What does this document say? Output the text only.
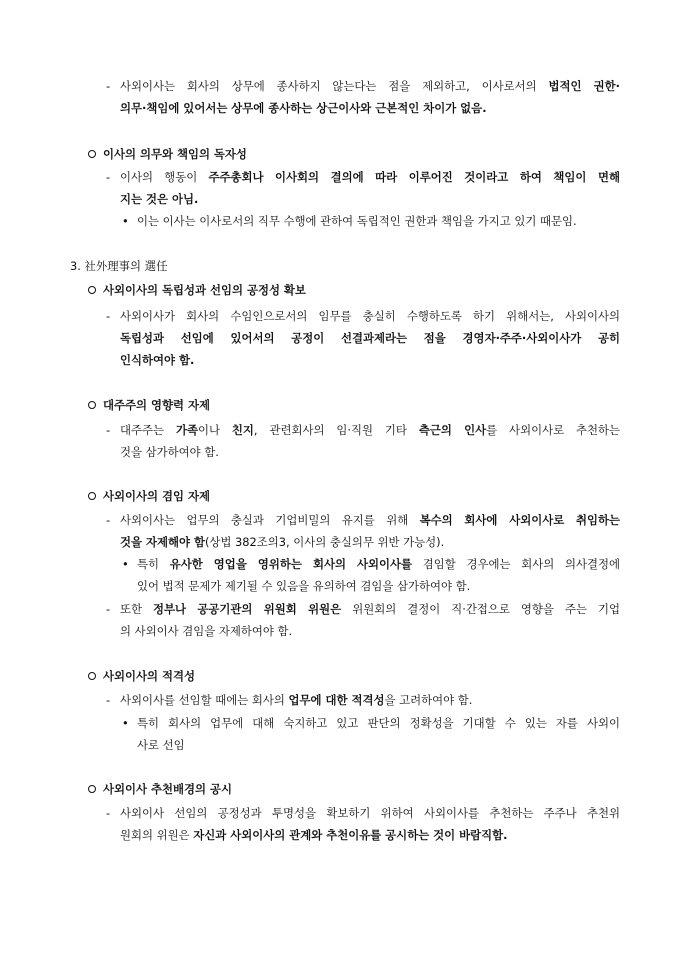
- 사외이사는 회사의 상무에 종사하지 않는다는 점을 제외하고, 이사로서의 법적인 권한·
의무·책임에 있어서는 상무에 종사하는 상근이사와 근본적인 차이가 없음.
이사의 의무와 책임의 독자성
- 이사의 행동이 주주총회나 이사회의 결의에 따라 이루어진 것이라고 하여 책임이 면해
지는 것은 아님.
• 이는 이사는 이사로서의 직무 수행에 관하여 독립적인 권한과 책임을 가지고 있기 때문임.
3. 社外理事의 選任
사외이사의 독립성과 선임의 공정성 확보
- 사외이사가 회사의 수임인으로서의 임무를 충실히 수행하도록 하기 위해서는, 사외이사의
독립성과 선임에 있어서의 공정이 선결과제라는 점을 경영자·주주·사외이사가 공히
인식하여야 함.
대주주의 영향력 자제
- 대주주는 가족이나 친지, 관련회사의 임·직원 기타 측근의 인사를 사외이사로 추천하는
것을 삼가하여야 함.
사외이사의 겸임 자제
- 사외이사는 업무의 충실과 기업비밀의 유지를 위해 복수의 회사에 사외이사로 취임하는
것을 자제해야 함(상법 382조의3, 이사의 충실의무 위반 가능성).
• 특히 유사한 영업을 영위하는 회사의 사외이사를 겸임할 경우에는 회사의 의사결정에
있어 법적 문제가 제기될 수 있음을 유의하여 겸임을 삼가하여야 함.
- 또한 정부나 공공기관의 위원회 위원은 위원회의 결정이 직·간접으로 영향을 주는 기업
의 사외이사 겸임을 자제하여야 함.
사외이사의 적격성
- 사외이사를 선임할 때에는 회사의 업무에 대한 적격성을 고려하여야 함.
• 특히 회사의 업무에 대해 숙지하고 있고 판단의 정확성을 기대할 수 있는 자를 사외이
사로 선임
사외이사 추천배경의 공시
- 사외이사 선임의 공정성과 투명성을 확보하기 위하여 사외이사를 추천하는 주주나 추천위
원회의 위원은 자신과 사외이사의 관계와 추천이유를 공시하는 것이 바람직함.
